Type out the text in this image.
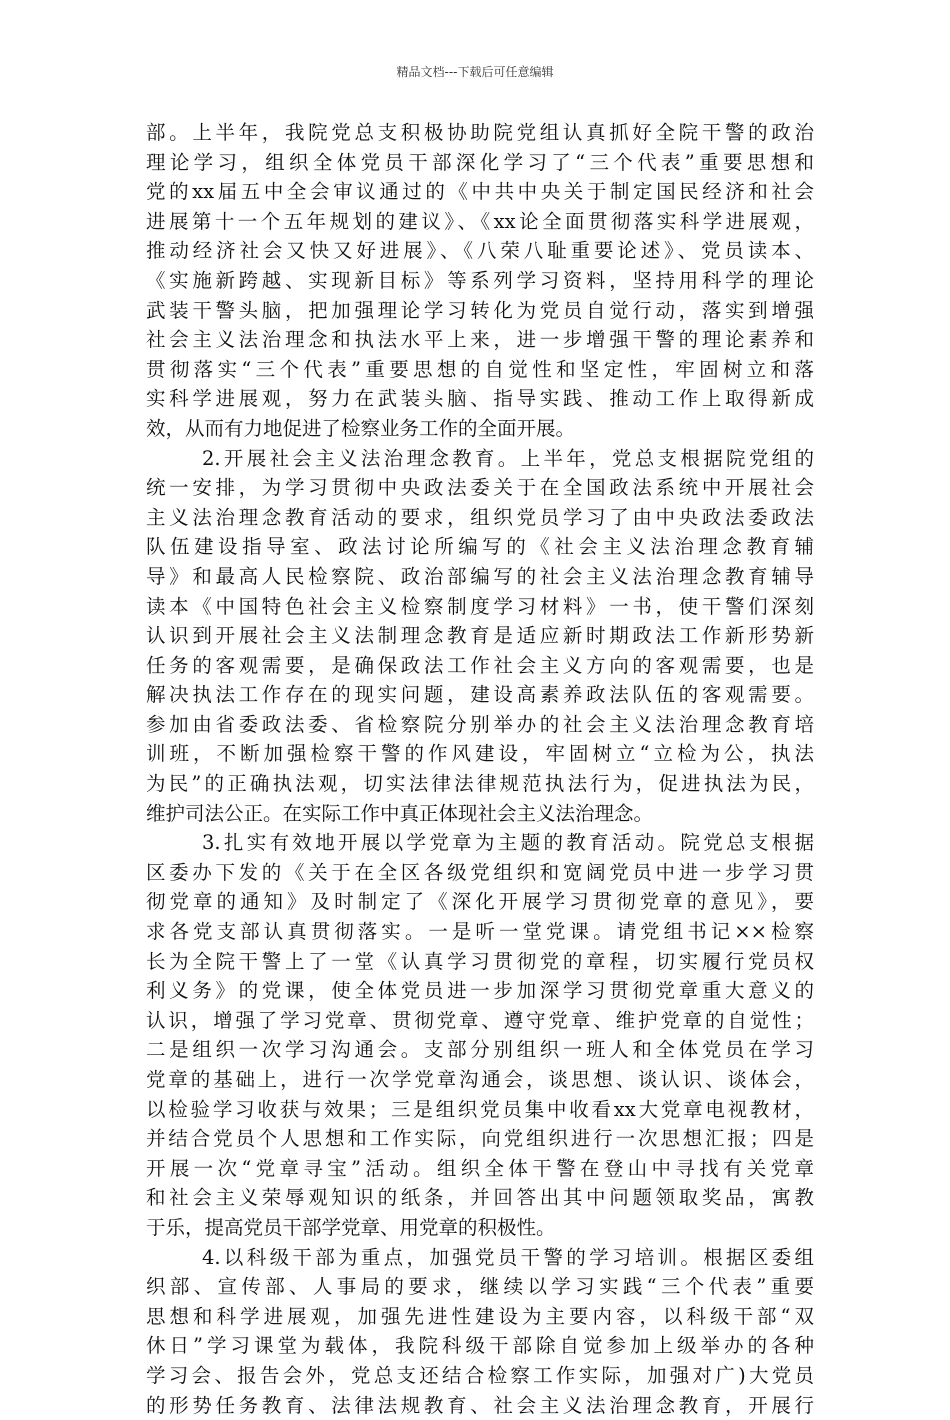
精品文档---下载后可任意编辑
部。上半年，我院党总支积极协助院党组认真抓好全院干警的政治
理论学习，组织全体党员干部深化学习了“三个代表”重要思想和
党的xx届五中全会审议通过的《中共中央关于制定国民经济和社会
进展第十一个五年规划的建议》、《xx论全面贯彻落实科学进展观，
推动经济社会又快又好进展》、《八荣八耻重要论述》、党员读本、
《实施新跨越、实现新目标》等系列学习资料，坚持用科学的理论
武装干警头脑，把加强理论学习转化为党员自觉行动，落实到增强
社会主义法治理念和执法水平上来，进一步增强干警的理论素养和
贯彻落实“三个代表”重要思想的自觉性和坚定性，牢固树立和落
实科学进展观，努力在武装头脑、指导实践、推动工作上取得新成
效，从而有力地促进了检察业务工作的全面开展。
2.开展社会主义法治理念教育。上半年，党总支根据院党组的
统一安排，为学习贯彻中央政法委关于在全国政法系统中开展社会
主义法治理念教育活动的要求，组织党员学习了由中央政法委政法
队伍建设指导室、政法讨论所编写的《社会主义法治理念教育辅
导》和最高人民检察院、政治部编写的社会主义法治理念教育辅导
读本《中国特色社会主义检察制度学习材料》一书，使干警们深刻
认识到开展社会主义法制理念教育是适应新时期政法工作新形势新
任务的客观需要，是确保政法工作社会主义方向的客观需要，也是
解决执法工作存在的现实问题，建设高素养政法队伍的客观需要。
参加由省委政法委、省检察院分别举办的社会主义法治理念教育培
训班，不断加强检察干警的作风建设，牢固树立“立检为公，执法
为民”的正确执法观，切实法律法律规范执法行为，促进执法为民，
维护司法公正。在实际工作中真正体现社会主义法治理念。
3.扎实有效地开展以学党章为主题的教育活动。院党总支根据
区委办下发的《关于在全区各级党组织和宽阔党员中进一步学习贯
彻党章的通知》及时制定了《深化开展学习贯彻党章的意见》，要
求各党支部认真贯彻落实。一是听一堂党课。请党组书记××检察
长为全院干警上了一堂《认真学习贯彻党的章程，切实履行党员权
利义务》的党课，使全体党员进一步加深学习贯彻党章重大意义的
认识，增强了学习党章、贯彻党章、遵守党章、维护党章的自觉性；
二是组织一次学习沟通会。支部分别组织一班人和全体党员在学习
党章的基础上，进行一次学党章沟通会，谈思想、谈认识、谈体会，
以检验学习收获与效果；三是组织党员集中收看xx大党章电视教材，
并结合党员个人思想和工作实际，向党组织进行一次思想汇报；四是
开展一次“党章寻宝”活动。组织全体干警在登山中寻找有关党章
和社会主义荣辱观知识的纸条，并回答出其中问题领取奖品，寓教
于乐，提高党员干部学党章、用党章的积极性。
4.以科级干部为重点，加强党员干警的学习培训。根据区委组
织部、宣传部、人事局的要求，继续以学习实践“三个代表”重要
思想和科学进展观，加强先进性建设为主要内容，以科级干部“双
休日”学习课堂为载体，我院科级干部除自觉参加上级举办的各种
学习会、报告会外，党总支还结合检察工作实际，加强对广)大党员
的形势任务教育、法律法规教育、社会主义法治理念教育，开展行
